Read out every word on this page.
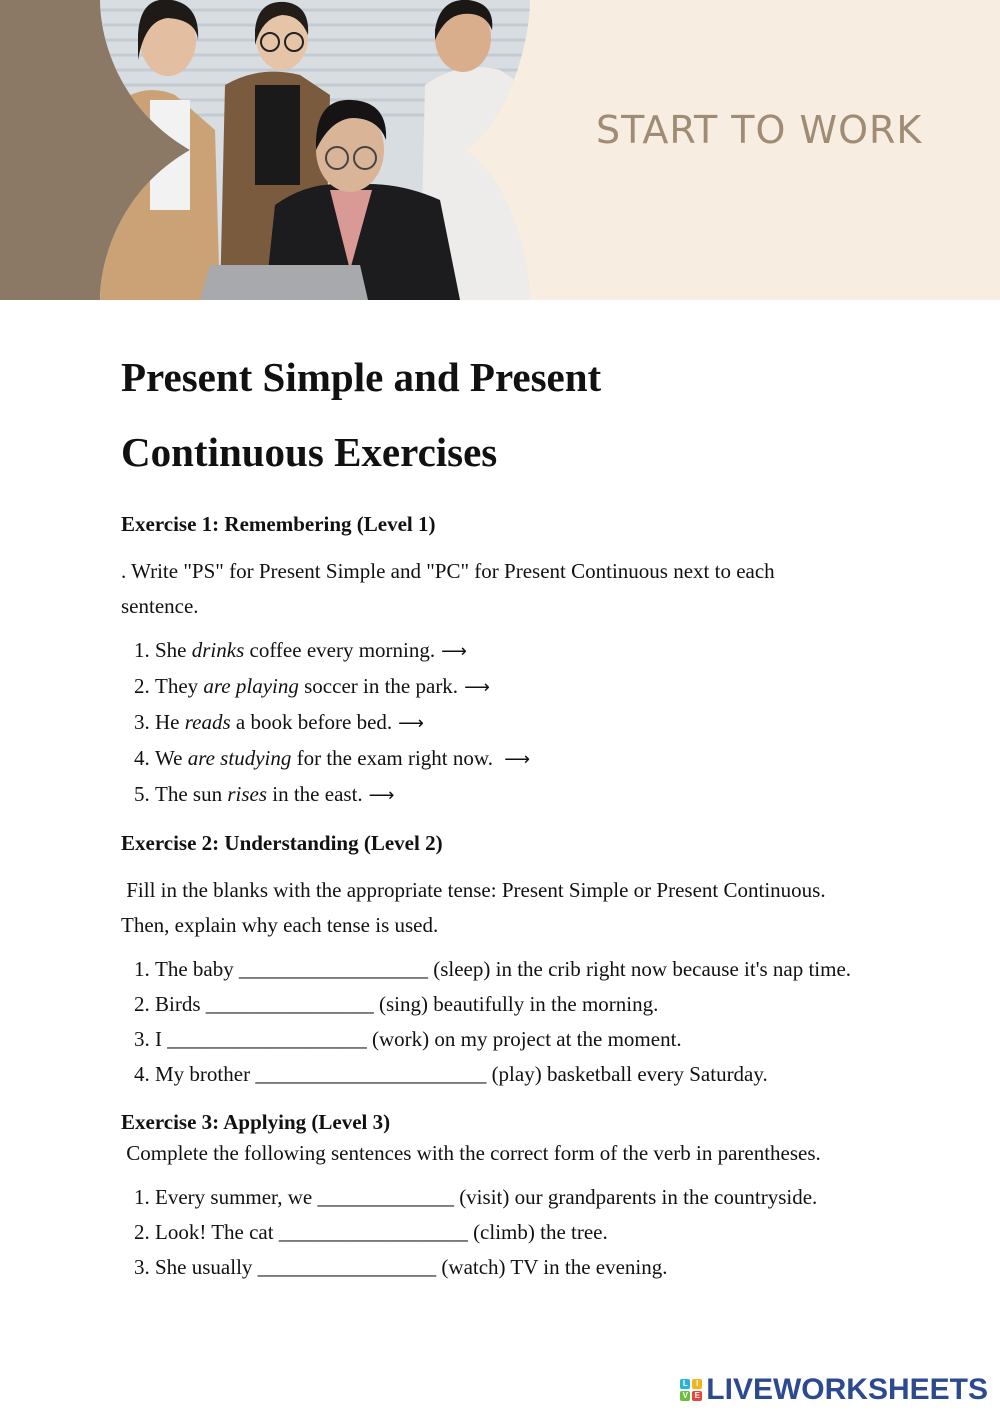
START TO WORK
Present Simple and Present
Continuous Exercises
Exercise 1: Remembering (Level 1)

. Write "PS" for Present Simple and "PC" for Present Continuous next to each

sentence.

1. She drinks coffee every morning. ⟶
2. They are playing soccer in the park. ⟶
3. He reads a book before bed. ⟶
4. We are studying for the exam right now. ⟶
5. The sun rises in the east. ⟶
Exercise 2: Understanding (Level 2)

Fill in the blanks with the appropriate tense: Present Simple or Present Continuous.

Then, explain why each tense is used.

1. The baby __________________ (sleep) in the crib right now because it's nap time.
2. Birds ________________ (sing) beautifully in the morning.
3. I ___________________ (work) on my project at the moment.
4. My brother ______________________ (play) basketball every Saturday.
Exercise 3: Applying (Level 3)

Complete the following sentences with the correct form of the verb in parentheses.

1. Every summer, we _____________ (visit) our grandparents in the countryside.
2. Look! The cat __________________ (climb) the tree.
3. She usually _________________ (watch) TV in the evening.
L	I
V E LIVEWORKSHEETS
